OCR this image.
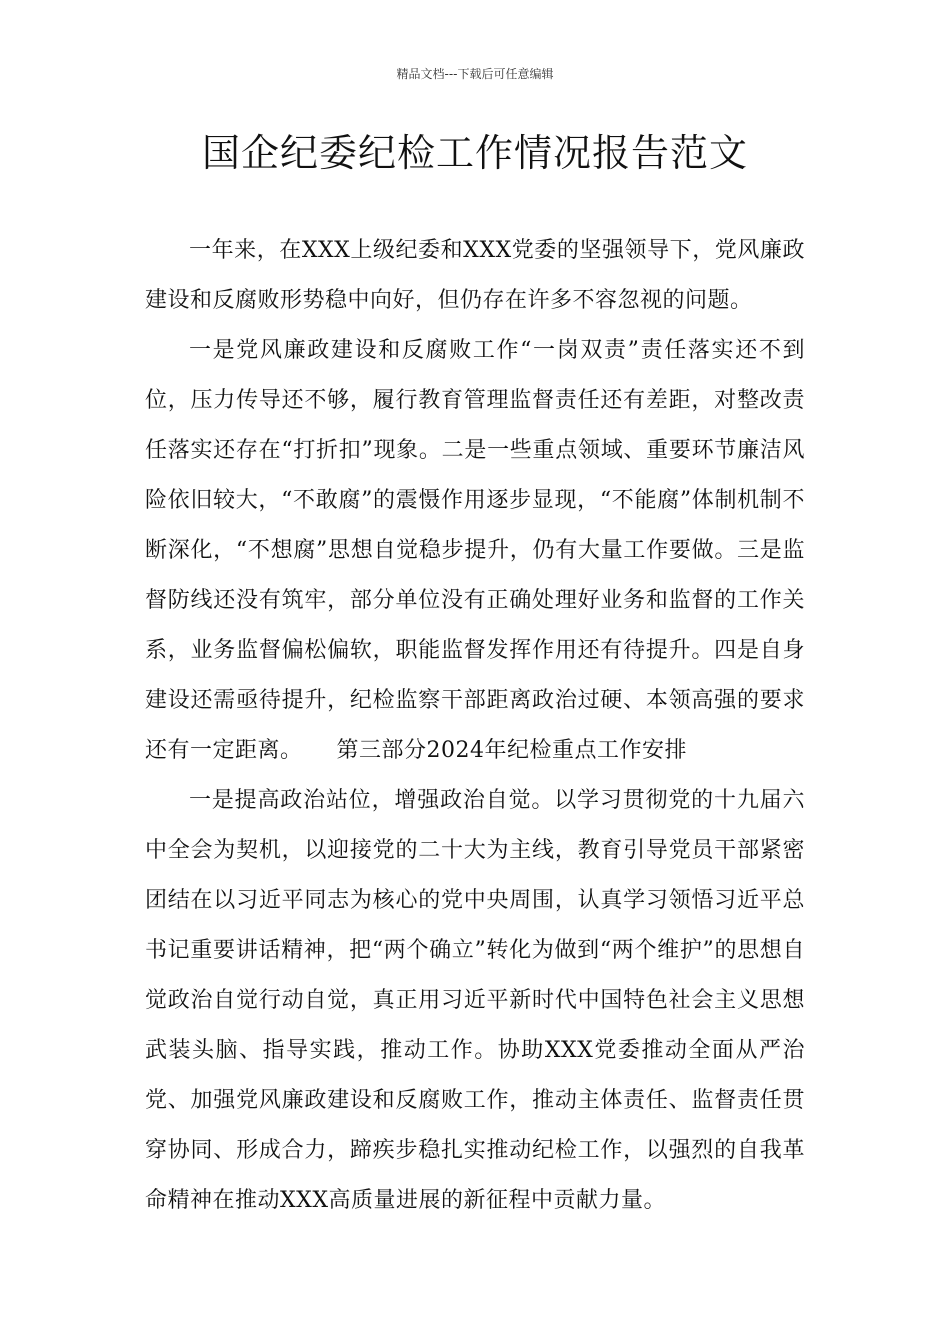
精品文档---下载后可任意编辑
国企纪委纪检工作情况报告范文

一年来，在XXX上级纪委和XXX党委的坚强领导下，党风廉政建设和反腐败形势稳中向好，但仍存在许多不容忽视的问题。

一是党风廉政建设和反腐败工作“一岗双责”责任落实还不到位，压力传导还不够，履行教育管理监督责任还有差距，对整改责任落实还存在“打折扣”现象。二是一些重点领域、重要环节廉洁风险依旧较大，“不敢腐”的震慑作用逐步显现，“不能腐”体制机制不断深化，“不想腐”思想自觉稳步提升，仍有大量工作要做。三是监督防线还没有筑牢，部分单位没有正确处理好业务和监督的工作关系，业务监督偏松偏软，职能监督发挥作用还有待提升。四是自身建设还需亟待提升，纪检监察干部距离政治过硬、本领高强的要求还有一定距离。　　第三部分2024年纪检重点工作安排

一是提高政治站位，增强政治自觉。以学习贯彻党的十九届六中全会为契机，以迎接党的二十大为主线，教育引导党员干部紧密团结在以习近平同志为核心的党中央周围，认真学习领悟习近平总书记重要讲话精神，把“两个确立”转化为做到“两个维护”的思想自觉政治自觉行动自觉，真正用习近平新时代中国特色社会主义思想武装头脑、指导实践，推动工作。协助XXX党委推动全面从严治党、加强党风廉政建设和反腐败工作，推动主体责任、监督责任贯穿协同、形成合力，蹄疾步稳扎实推动纪检工作，以强烈的自我革命精神在推动XXX高质量进展的新征程中贡献力量。
